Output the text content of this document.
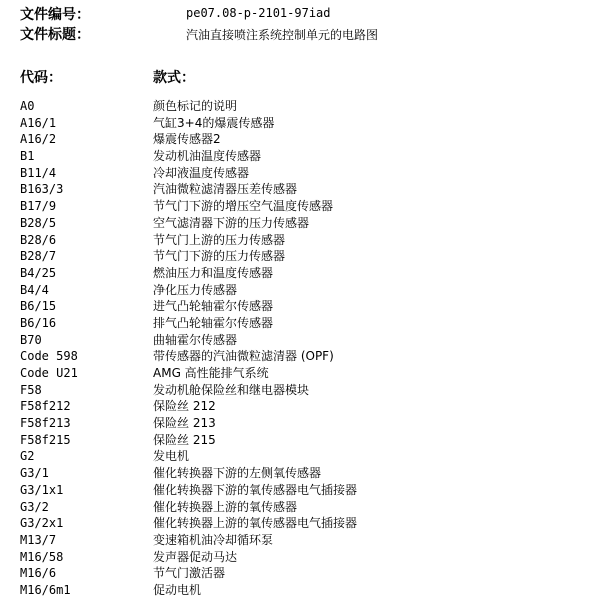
文件编号：	pe07.08-p-2101-97iad
文件标题：	汽油直接喷注系统控制单元的电路图
代码：	款式：
A0	颜色标记的说明
A16/1	气缸3+4的爆震传感器
A16/2	爆震传感器2
B1	发动机油温度传感器
B11/4	冷却液温度传感器
B163/3	汽油微粒滤清器压差传感器
B17/9	节气门下游的增压空气温度传感器
B28/5	空气滤清器下游的压力传感器
B28/6	节气门上游的压力传感器
B28/7	节气门下游的压力传感器
B4/25	燃油压力和温度传感器
B4/4	净化压力传感器
B6/15	进气凸轮轴霍尔传感器
B6/16	排气凸轮轴霍尔传感器
B70	曲轴霍尔传感器
Code 598	带传感器的汽油微粒滤清器 (OPF)
Code U21	AMG 高性能排气系统
F58	发动机舱保险丝和继电器模块
F58f212	保险丝 212
F58f213	保险丝 213
F58f215	保险丝 215
G2	发电机
G3/1	催化转换器下游的左侧氧传感器
G3/1x1	催化转换器下游的氧传感器电气插接器
G3/2	催化转换器上游的氧传感器
G3/2x1	催化转换器上游的氧传感器电气插接器
M13/7	变速箱机油冷却循环泵
M16/58	发声器促动马达
M16/6	节气门激活器
M16/6m1	促动电机
